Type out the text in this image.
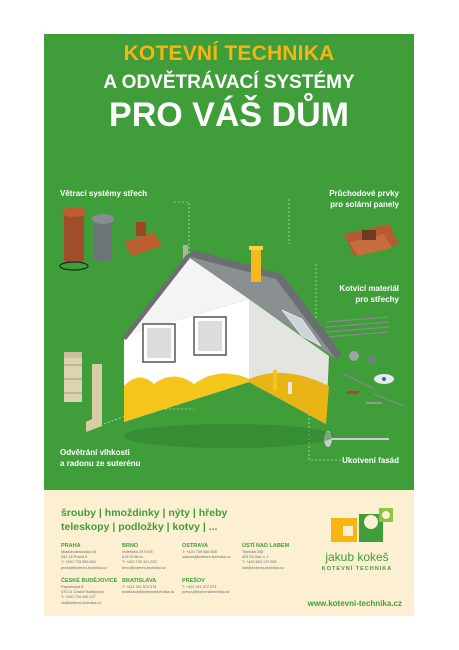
KOTEVNÍ TECHNIKA
A ODVĚTRÁVACÍ SYSTÉMY
PRO VÁŠ DŮM
Větrací systémy střech	Průchodové prvky
pro solární panely
Kotvicí materiál
pro střechy
Odvětrání vlhkosti
a radonu ze suterénu	Ukotvení fasád
šrouby | hmoždinky | nýty | hřeby
teleskopy | podložky | kotvy | ...
PRAHA
Mladoboleslavská 54
252 15 Praha 9
T: +420 733 550 660
praha@kotevni-technika.cz
BRNO
Vídeňská 297/105
619 00 Brno
T: +420 739 321 932
brno@kotevni-technika.cz
OSTRAVA
T: +420 739 066 658
ostrava@kotevni-technika.cz
ÚSTÍ NAD LABEM
Teplická 283
403 35 Ústí n. L.
T: +420 603 170 550
usti@kotevni-technika.cz
ČESKÉ BUDĚJOVICE
Papírenská 8
370 01 České Budějovice
T: +420 734 445 227
cb@kotevni-technika.cz
BRATISLAVA
T: +421 911 574 574
bratislava@kotevnatechnika.sk
PREŠOV
T: +421 911 072 574
presov@kotevnatechnika.sk
jakub kokeš
KOTEVNÍ TECHNIKA
www.kotevni-technika.cz
